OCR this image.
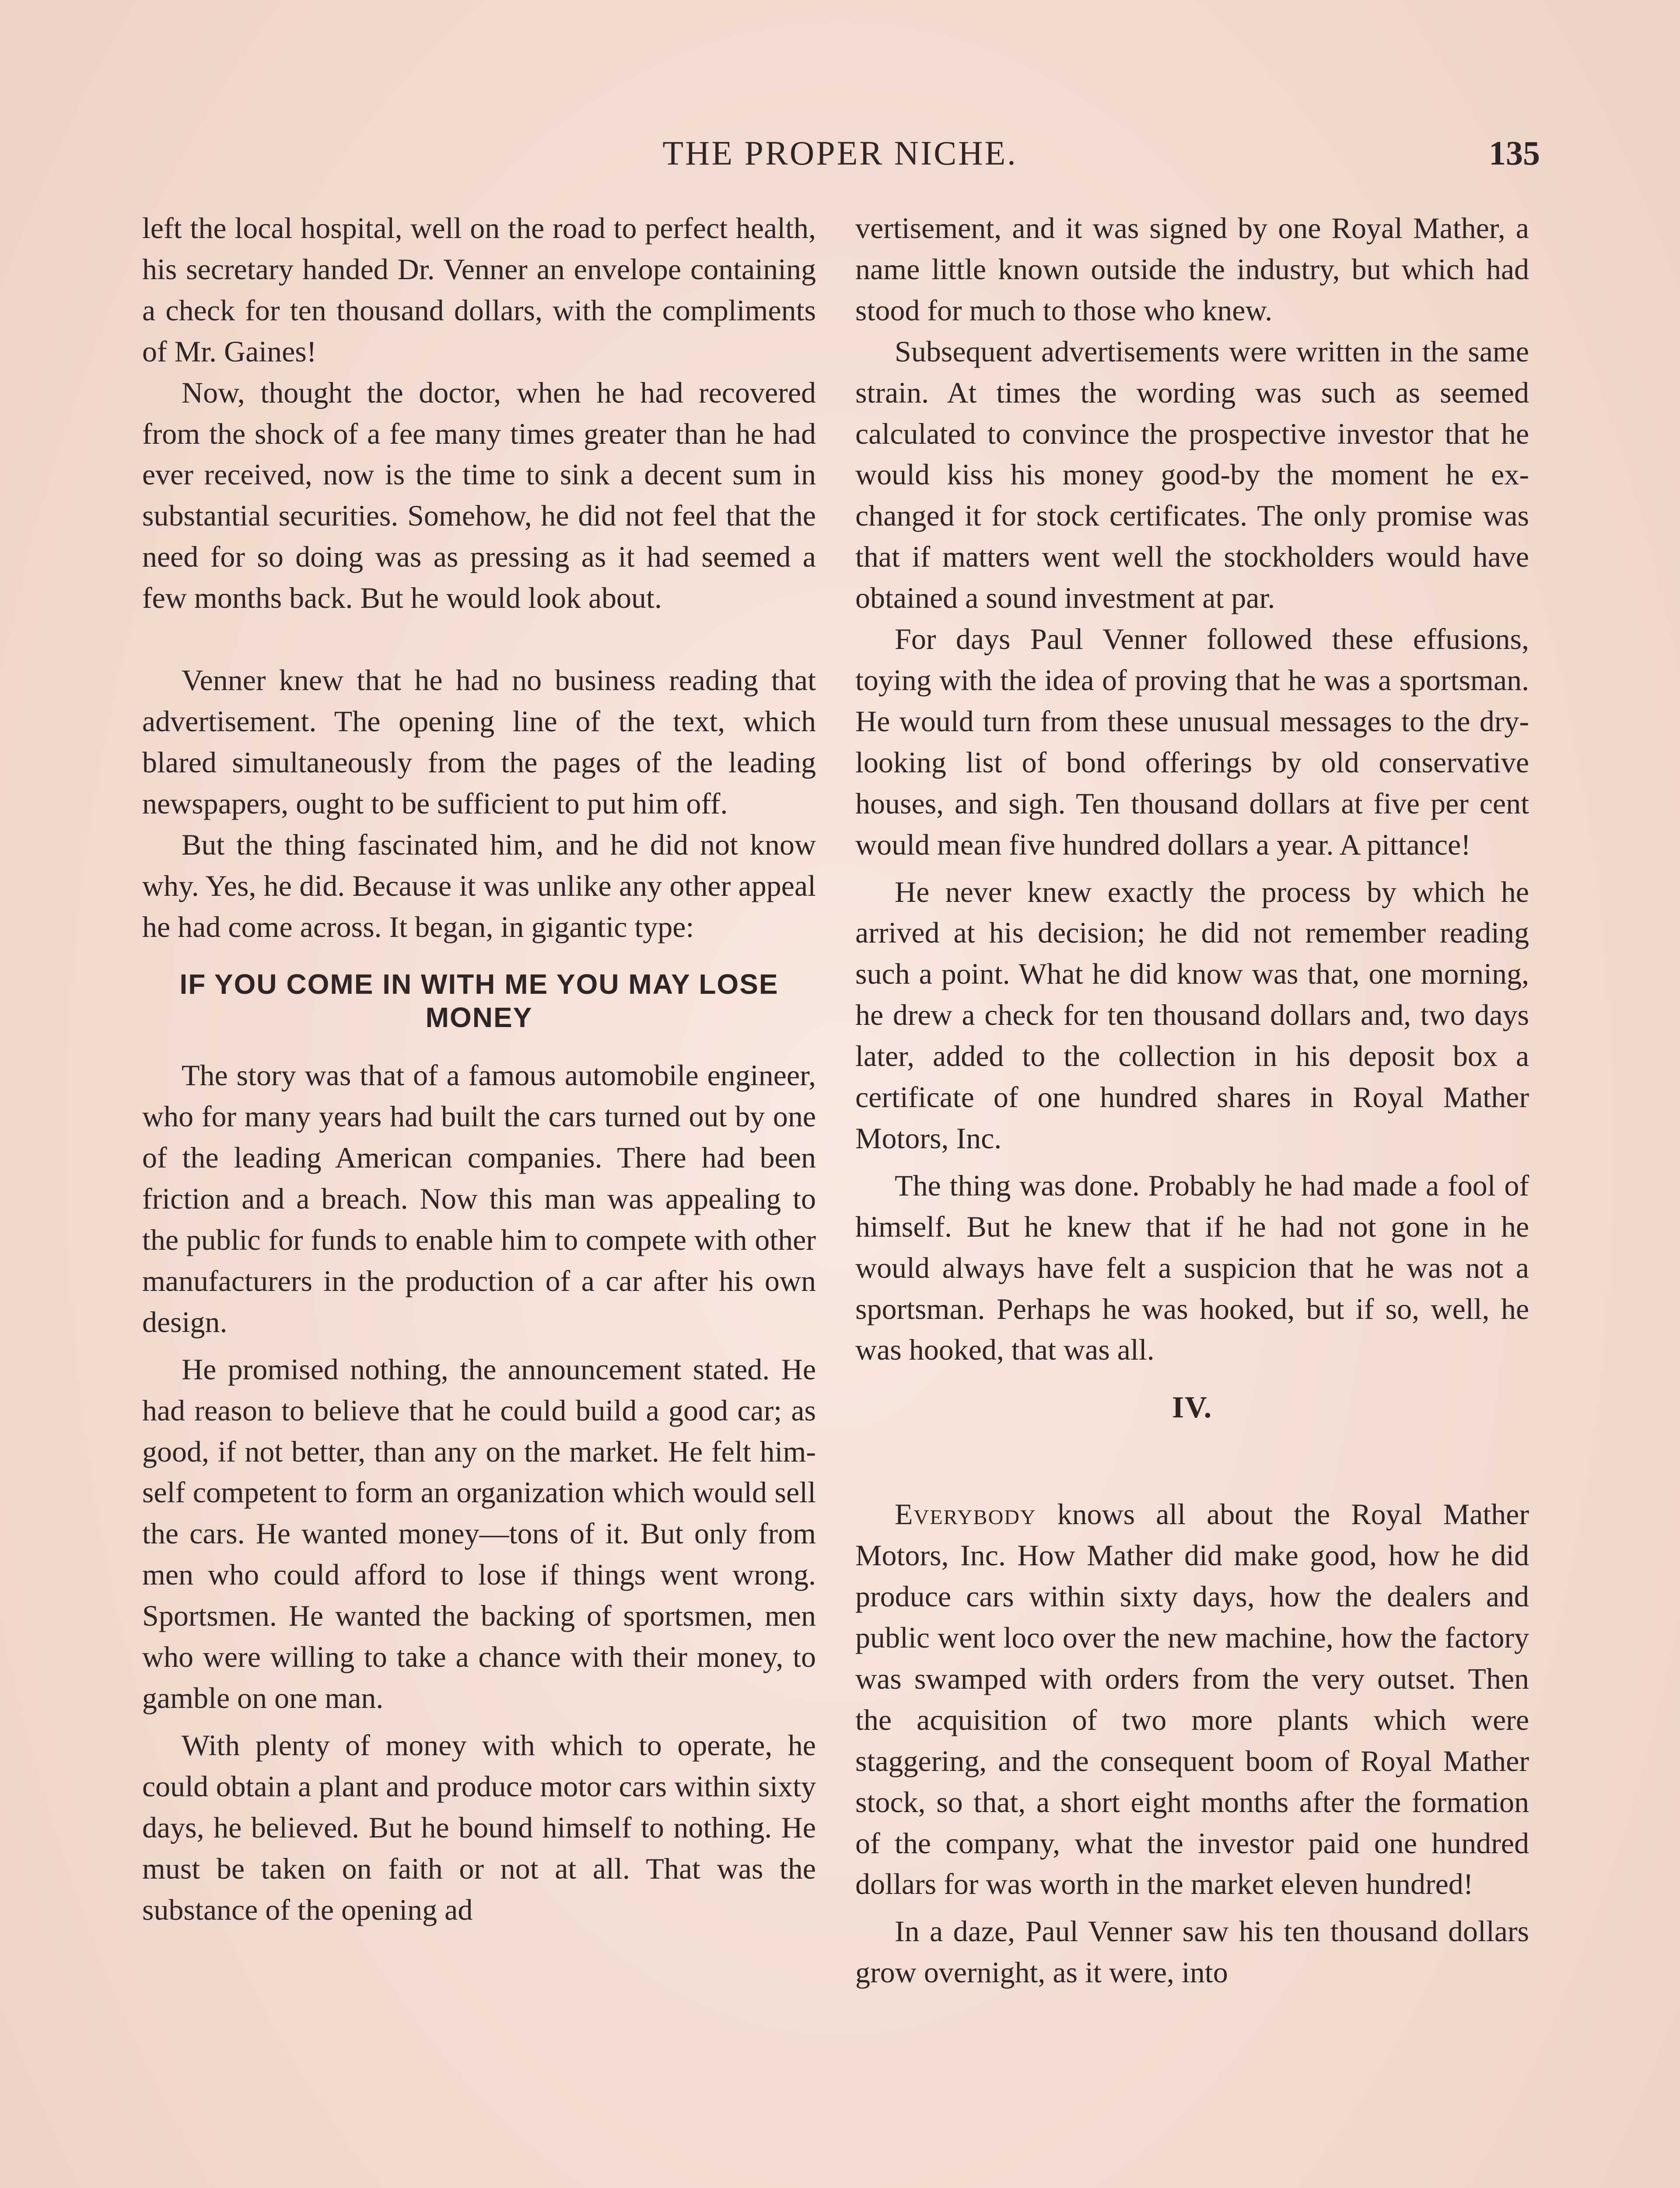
THE PROPER NICHE.	135

left the local hospital, well on the road to perfect health, his secretary handed Dr. Venner an envelope containing a check for ten thousand dollars, with the compliments of Mr. Gaines!

Now, thought the doctor, when he had recovered from the shock of a fee many times greater than he had ever received, now is the time to sink a decent sum in substantial securities. Somehow, he did not feel that the need for so doing was as pressing as it had seemed a few months back. But he would look about.

Venner knew that he had no business reading that advertisement. The opening line of the text, which blared simultaneously from the pages of the leading newspapers, ought to be sufficient to put him off.

But the thing fascinated him, and he did not know why. Yes, he did. Because it was unlike any other appeal he had come across. It began, in gigantic type:

IF YOU COME IN WITH ME YOU MAY LOSE MONEY

The story was that of a famous automobile engineer, who for many years had built the cars turned out by one of the leading American companies. There had been friction and a breach. Now this man was appealing to the public for funds to enable him to compete with other manufacturers in the production of a car after his own design.

He promised nothing, the announcement stated. He had reason to believe that he could build a good car; as good, if not better, than any on the market. He felt himself competent to form an organization which would sell the cars. He wanted money—tons of it. But only from men who could afford to lose if things went wrong. Sportsmen. He wanted the backing of sportsmen, men who were willing to take a chance with their money, to gamble on one man.

With plenty of money with which to operate, he could obtain a plant and produce motor cars within sixty days, he believed. But he bound himself to nothing. He must be taken on faith or not at all. That was the substance of the opening ad

vertisement, and it was signed by one Royal Mather, a name little known outside the industry, but which had stood for much to those who knew.

Subsequent advertisements were written in the same strain. At times the wording was such as seemed calculated to convince the prospective investor that he would kiss his money good-by the moment he exchanged it for stock certificates. The only promise was that if matters went well the stockholders would have obtained a sound investment at par.

For days Paul Venner followed these effusions, toying with the idea of proving that he was a sportsman. He would turn from these unusual messages to the dry-looking list of bond offerings by old conservative houses, and sigh. Ten thousand dollars at five per cent would mean five hundred dollars a year. A pittance!

He never knew exactly the process by which he arrived at his decision; he did not remember reading such a point. What he did know was that, one morning, he drew a check for ten thousand dollars and, two days later, added to the collection in his deposit box a certificate of one hundred shares in Royal Mather Motors, Inc.

The thing was done. Probably he had made a fool of himself. But he knew that if he had not gone in he would always have felt a suspicion that he was not a sportsman. Perhaps he was hooked, but if so, well, he was hooked, that was all.

IV.

Everybody knows all about the Royal Mather Motors, Inc. How Mather did make good, how he did produce cars within sixty days, how the dealers and public went loco over the new machine, how the factory was swamped with orders from the very outset. Then the acquisition of two more plants which were staggering, and the consequent boom of Royal Mather stock, so that, a short eight months after the formation of the company, what the investor paid one hundred dollars for was worth in the market eleven hundred!

In a daze, Paul Venner saw his ten thousand dollars grow overnight, as it were, into
